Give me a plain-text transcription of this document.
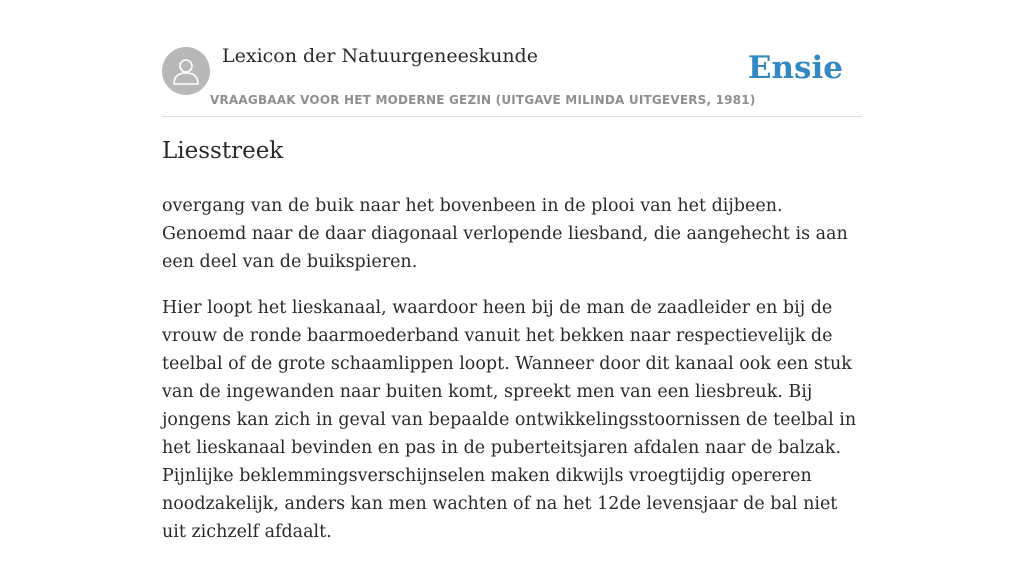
Lexicon der Natuurgeneeskunde
VRAAGBAAK VOOR HET MODERNE GEZIN (UITGAVE MILINDA UITGEVERS, 1981)
Ensie
Liesstreek

overgang van de buik naar het bovenbeen in de plooi van het dijbeen. Genoemd naar de daar diagonaal verlopende liesband, die aangehecht is aan een deel van de buikspieren.

Hier loopt het lieskanaal, waardoor heen bij de man de zaadleider en bij de vrouw de ronde baarmoederband vanuit het bekken naar respectievelijk de teelbal of de grote schaamlippen loopt. Wanneer door dit kanaal ook een stuk van de ingewanden naar buiten komt, spreekt men van een liesbreuk. Bij jongens kan zich in geval van bepaalde ontwikkelingsstoornissen de teelbal in het lieskanaal bevinden en pas in de puberteitsjaren afdalen naar de balzak. Pijnlijke beklemmingsverschijnselen maken dikwijls vroegtijdig opereren noodzakelijk, anders kan men wachten of na het 12de levensjaar de bal niet uit zichzelf afdaalt.
